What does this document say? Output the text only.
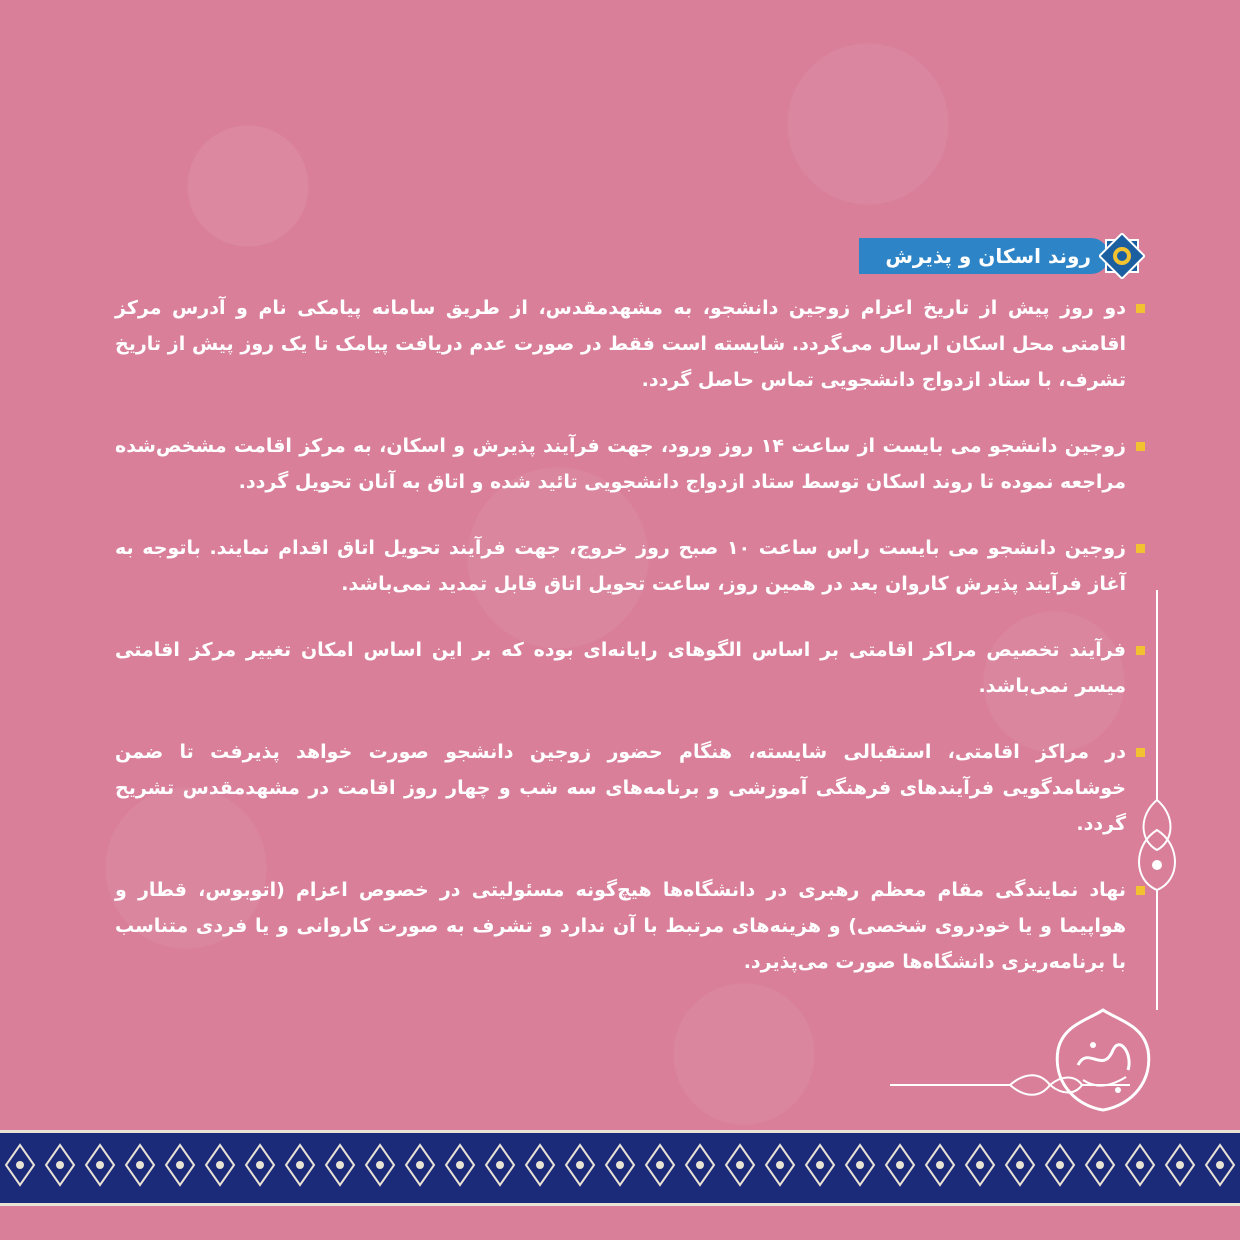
روند اسکان و پذیرش
دو روز پیش از تاریخ اعزام زوجین دانشجو، به مشهدمقدس، از طریق سامانه پیامکی نام و آدرس مرکز اقامتی محل اسکان ارسال می‌گردد. شایسته است فقط در صورت عدم دریافت پیامک تا یک روز پیش از تاریخ تشرف، با ستاد ازدواج دانشجویی تماس حاصل گردد.
زوجین دانشجو می بایست از ساعت ۱۴ روز ورود، جهت فرآیند پذیرش و اسکان، به مرکز اقامت مشخص‌شده مراجعه نموده تا روند اسکان توسط ستاد ازدواج دانشجویی تائید شده و اتاق به آنان تحویل گردد.
زوجین دانشجو می بایست راس ساعت ۱۰ صبح روز خروج، جهت فرآیند تحویل اتاق اقدام نمایند. باتوجه به آغاز فرآیند پذیرش کاروان بعد در همین روز، ساعت تحویل اتاق قابل تمدید نمی‌باشد.
فرآیند تخصیص مراکز اقامتی بر اساس الگوهای رایانه‌ای بوده که بر این اساس امکان تغییر مرکز اقامتی میسر نمی‌باشد.
در مراکز اقامتی، استقبالی شایسته، هنگام حضور زوجین دانشجو صورت خواهد پذیرفت تا ضمن خوشامدگویی فرآیندهای فرهنگی آموزشی و برنامه‌های سه شب و چهار روز اقامت در مشهدمقدس تشریح گردد.
نهاد نمایندگی مقام معظم رهبری در دانشگاه‌ها هیچ‌گونه مسئولیتی در خصوص اعزام (اتوبوس، قطار و هواپیما و یا خودروی شخصی) و هزینه‌های مرتبط با آن ندارد و تشرف به صورت کاروانی و یا فردی متناسب با برنامه‌ریزی دانشگاه‌ها صورت می‌پذیرد.
